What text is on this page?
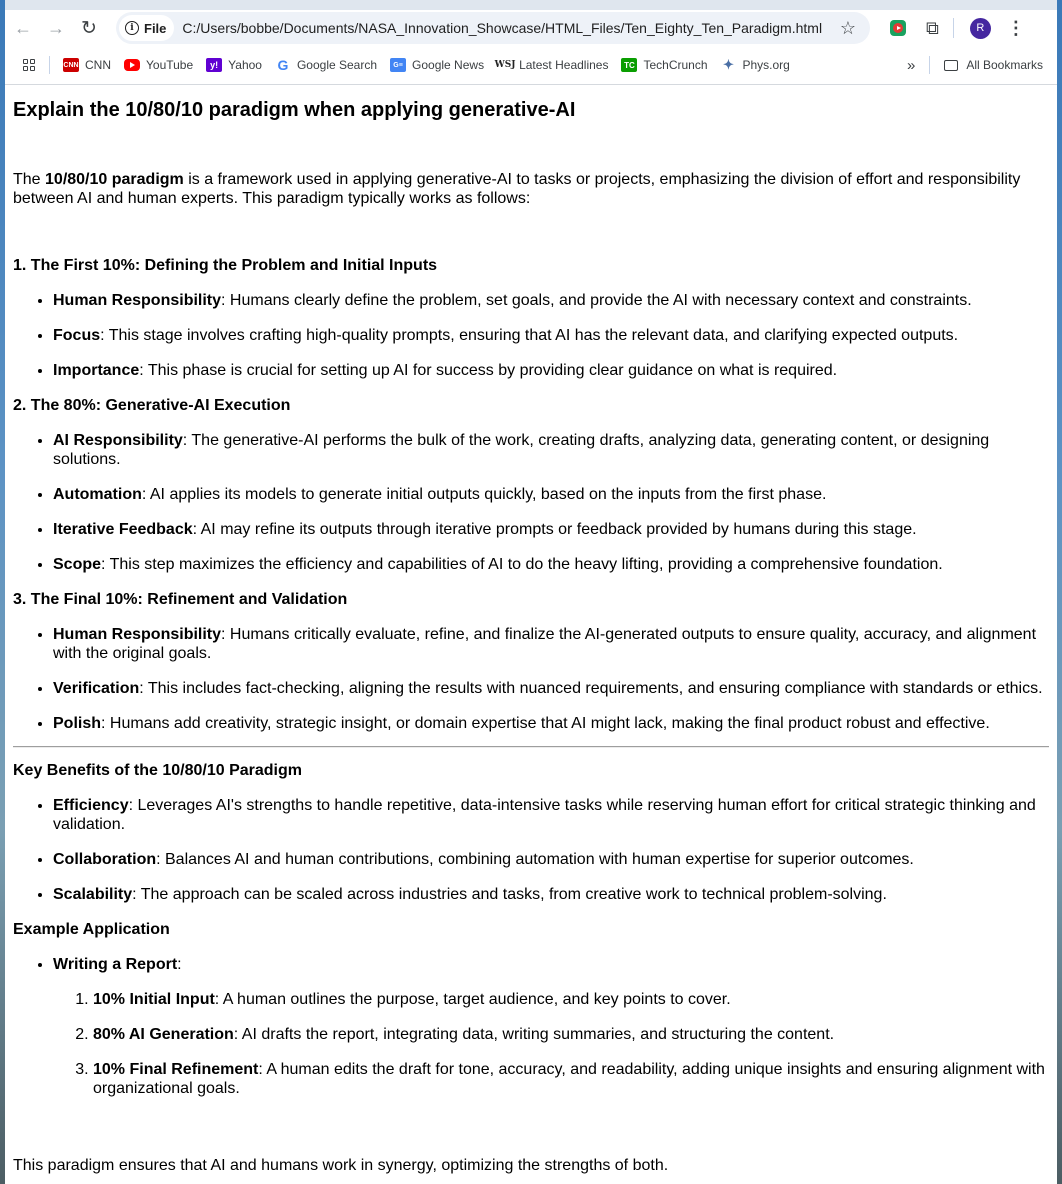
← → ↻	i File C:/Users/bobbe/Documents/NASA_Innovation_Showcase/HTML_Files/Ten_Eighty_Ten_Paradigm.html ☆	⧉	R	⋮
CNN CNN	YouTube	y! Yahoo G Google Search	G≡ Google News WSJ Latest Headlines	TC TechCrunch ✦ Phys.org	»	All Bookmarks
Explain the 10/80/10 paradigm when applying generative-AI

The 10/80/10 paradigm is a framework used in applying generative-AI to tasks or projects, emphasizing the division of effort and responsibility between AI and human experts. This paradigm typically works as follows:

1. The First 10%: Defining the Problem and Initial Inputs
• Human Responsibility: Humans clearly define the problem, set goals, and provide the AI with necessary context and constraints.
• Focus: This stage involves crafting high-quality prompts, ensuring that AI has the relevant data, and clarifying expected outputs.
• Importance: This phase is crucial for setting up AI for success by providing clear guidance on what is required.
2. The 80%: Generative-AI Execution
• AI Responsibility: The generative-AI performs the bulk of the work, creating drafts, analyzing data, generating content, or designing solutions.
• Automation: AI applies its models to generate initial outputs quickly, based on the inputs from the first phase.
• Iterative Feedback: AI may refine its outputs through iterative prompts or feedback provided by humans during this stage.
• Scope: This step maximizes the efficiency and capabilities of AI to do the heavy lifting, providing a comprehensive foundation.
3. The Final 10%: Refinement and Validation
• Human Responsibility: Humans critically evaluate, refine, and finalize the AI-generated outputs to ensure quality, accuracy, and alignment with the original goals.
• Verification: This includes fact-checking, aligning the results with nuanced requirements, and ensuring compliance with standards or ethics.
• Polish: Humans add creativity, strategic insight, or domain expertise that AI might lack, making the final product robust and effective.
Key Benefits of the 10/80/10 Paradigm
• Efficiency: Leverages AI's strengths to handle repetitive, data-intensive tasks while reserving human effort for critical strategic thinking and validation.
• Collaboration: Balances AI and human contributions, combining automation with human expertise for superior outcomes.
• Scalability: The approach can be scaled across industries and tasks, from creative work to technical problem-solving.
Example Application
• Writing a Report:
1. 10% Initial Input: A human outlines the purpose, target audience, and key points to cover.
2. 80% AI Generation: AI drafts the report, integrating data, writing summaries, and structuring the content.
3. 10% Final Refinement: A human edits the draft for tone, accuracy, and readability, adding unique insights and ensuring alignment with organizational goals.

This paradigm ensures that AI and humans work in synergy, optimizing the strengths of both.
